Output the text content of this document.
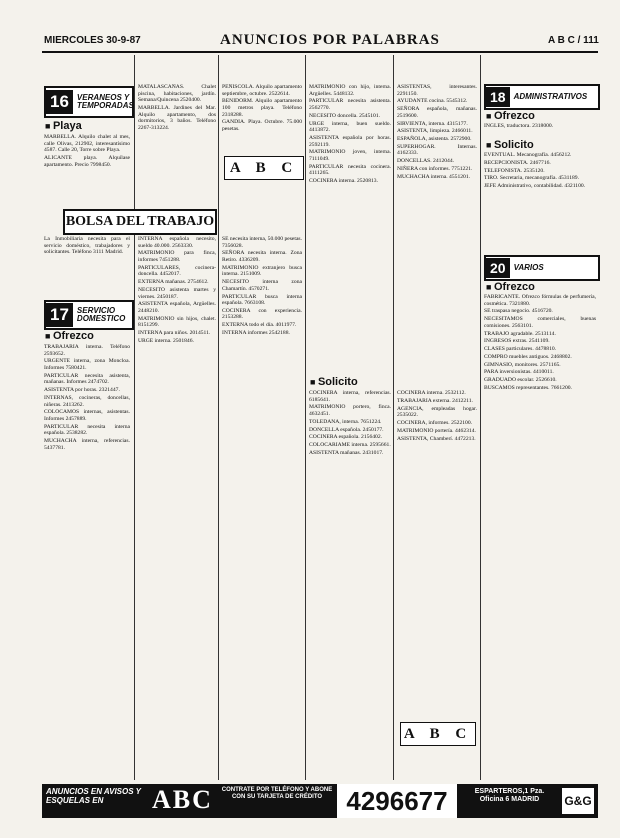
MIERCOLES 30-9-87	ANUNCIOS POR PALABRAS	A B C / 111
16	VERANEOS Y TEMPORADAS
■ Playa

MARBELLA. Alquilo chalet al mes, calle Olivas, 212902, interesantísimo 4587. Calle 20, Torre sobre Playa.

ALICANTE playa. Alquílase apartamento. Precio 7998450.

MATALASCAÑAS. Chalet piscina, habitaciones, jardín. Semana/Quincena 2520400.

MARBELLA. Jardines del Mar. Alquilo apartamento, dos dormitorios, 3 baños. Teléfono 2267-313224.

PEÑISCOLA. Alquilo apartamento septiembre, octubre. 2522614.

BENIDORM. Alquilo apartamento 100 metros playa. Teléfono 2318288.

GANDIA. Playa. Octubre. 75.000 pesetas.

A B C
BOLSA DEL TRABAJO

La Inmobiliaria necesita para el servicio doméstico, trabajadores y solicitantes. Teléfono 3111 Madrid.

17	SERVICIO DOMESTICO
■ Ofrezco

TRABAJARIA interna. Teléfono 2593652.

URGENTE interna, zona Moncloa. Informes 7580421.

PARTICULAR necesita asistenta, mañanas. Informes 2474702.

ASISTENTA por horas. 2321447.

INTERNAS, cocineras, doncellas, niñeras. 2413262.

COLOCAMOS internas, asistentas. Informes 2457889.

PARTICULAR necesita interna española. 2538282.

MUCHACHA interna, referencias. 5437781.

INTERNA española necesito, sueldo 40.000. 2563330.

MATRIMONIO para finca, informes 7451288.

PARTICULARES, cocinera-doncella. 4452017.

EXTERNA mañanas. 2754612.

NECESITO asistenta martes y viernes. 2450187.

ASISTENTA española, Argüelles. 2448210.

MATRIMONIO sin hijos, chalet. 8151299.

INTERNA para niños. 2014511.

URGE interna. 2501846.

SE necesita interna, 50.000 pesetas. 7356028.

SEÑORA necesita interna. Zona Retiro. 4336209.

MATRIMONIO extranjero busca interna. 2151009.

NECESITO interna zona Chamartín. 4570271.

PARTICULAR busca interna española. 7663108.

COCINERA con experiencia. 2153288.

EXTERNA todo el día. 4011977.

INTERNA informes 2542188.

MATRIMONIO con hijo, interna. Argüelles. 5448132.

PARTICULAR necesita asistenta. 2562770.

NECESITO doncella. 2545101.

URGE interna, buen sueldo. 4413872.

ASISTENTA española por horas. 2592119.

MATRIMONIO joven, interna. 7111049.

PARTICULAR necesita cocinera. 4111265.

COCINERA interna. 2520813.

■ Solicito

COCINERA interna, referencias. 6185641.

MATRIMONIO portero, finca. 4632451.

TOLEDANA, interna. 7651224.

DONCELLA española. 2450177.

COCINERA española. 2156402.

COLOCARIAME interna. 2595661.

ASISTENTA mañanas. 2431017.

ASISTENTAS, interesantes. 2291150.

AYUDANTE cocina. 5545312.

SEÑORA española, mañanas. 2519600.

SIRVIENTA, interna. 4315177.

ASISTENTA, limpieza. 2466011.

ESPAÑOLA, asistenta. 2572900.

SUPERHOGAR. Internas. 4162333.

DONCELLAS. 2412044.

NIÑERA con informes. 7751221.

MUCHACHA interna. 4551201.

COCINERA interna. 2532112.

TRABAJARIA externa. 2412211.

AGENCIA, empleadas hogar. 2535022.

COCINERA, informes. 2522100.

MATRIMONIO portería. 4462314.

ASISTENTA, Chamberí. 4472213.

A B C
18	ADMINISTRATIVOS
■ Ofrezco

INGLES, traductora. 2318000.

■ Solicito

EVENTUAL. Mecanografía. 4456212.

RECEPCIONISTA. 2467716.

TELEFONISTA. 2535120.

TIRO. Secretaria, mecanografía. 4531189.

JEFE Administrativo, contabilidad. 4321100.

20	VARIOS
■ Ofrezco

FABRICANTE. Ofrezco fórmulas de perfumería, cosmética. 7321880.

SE traspasa negocio. 4516720.

NECESITAMOS comerciales, buenas comisiones. 2563101.

TRABAJO agradable. 2513114.

INGRESOS extras. 2541109.

CLASES particulares. 4478810.

COMPRO muebles antiguos. 2468802.

GIMNASIO, monitores. 2571165.

PARA inversionistas. 4410011.

GRADUADO escolar. 2526610.

BUSCAMOS representantes. 7661200.

ANUNCIOS EN AVISOS Y ESQUELAS EN	ABC	CONTRATE POR TELÉFONO Y ABONE CON SU TARJETA DE CRÉDITO 4296677	ESPARTEROS,1 Pza. Oficina 6 MADRID	G&G
